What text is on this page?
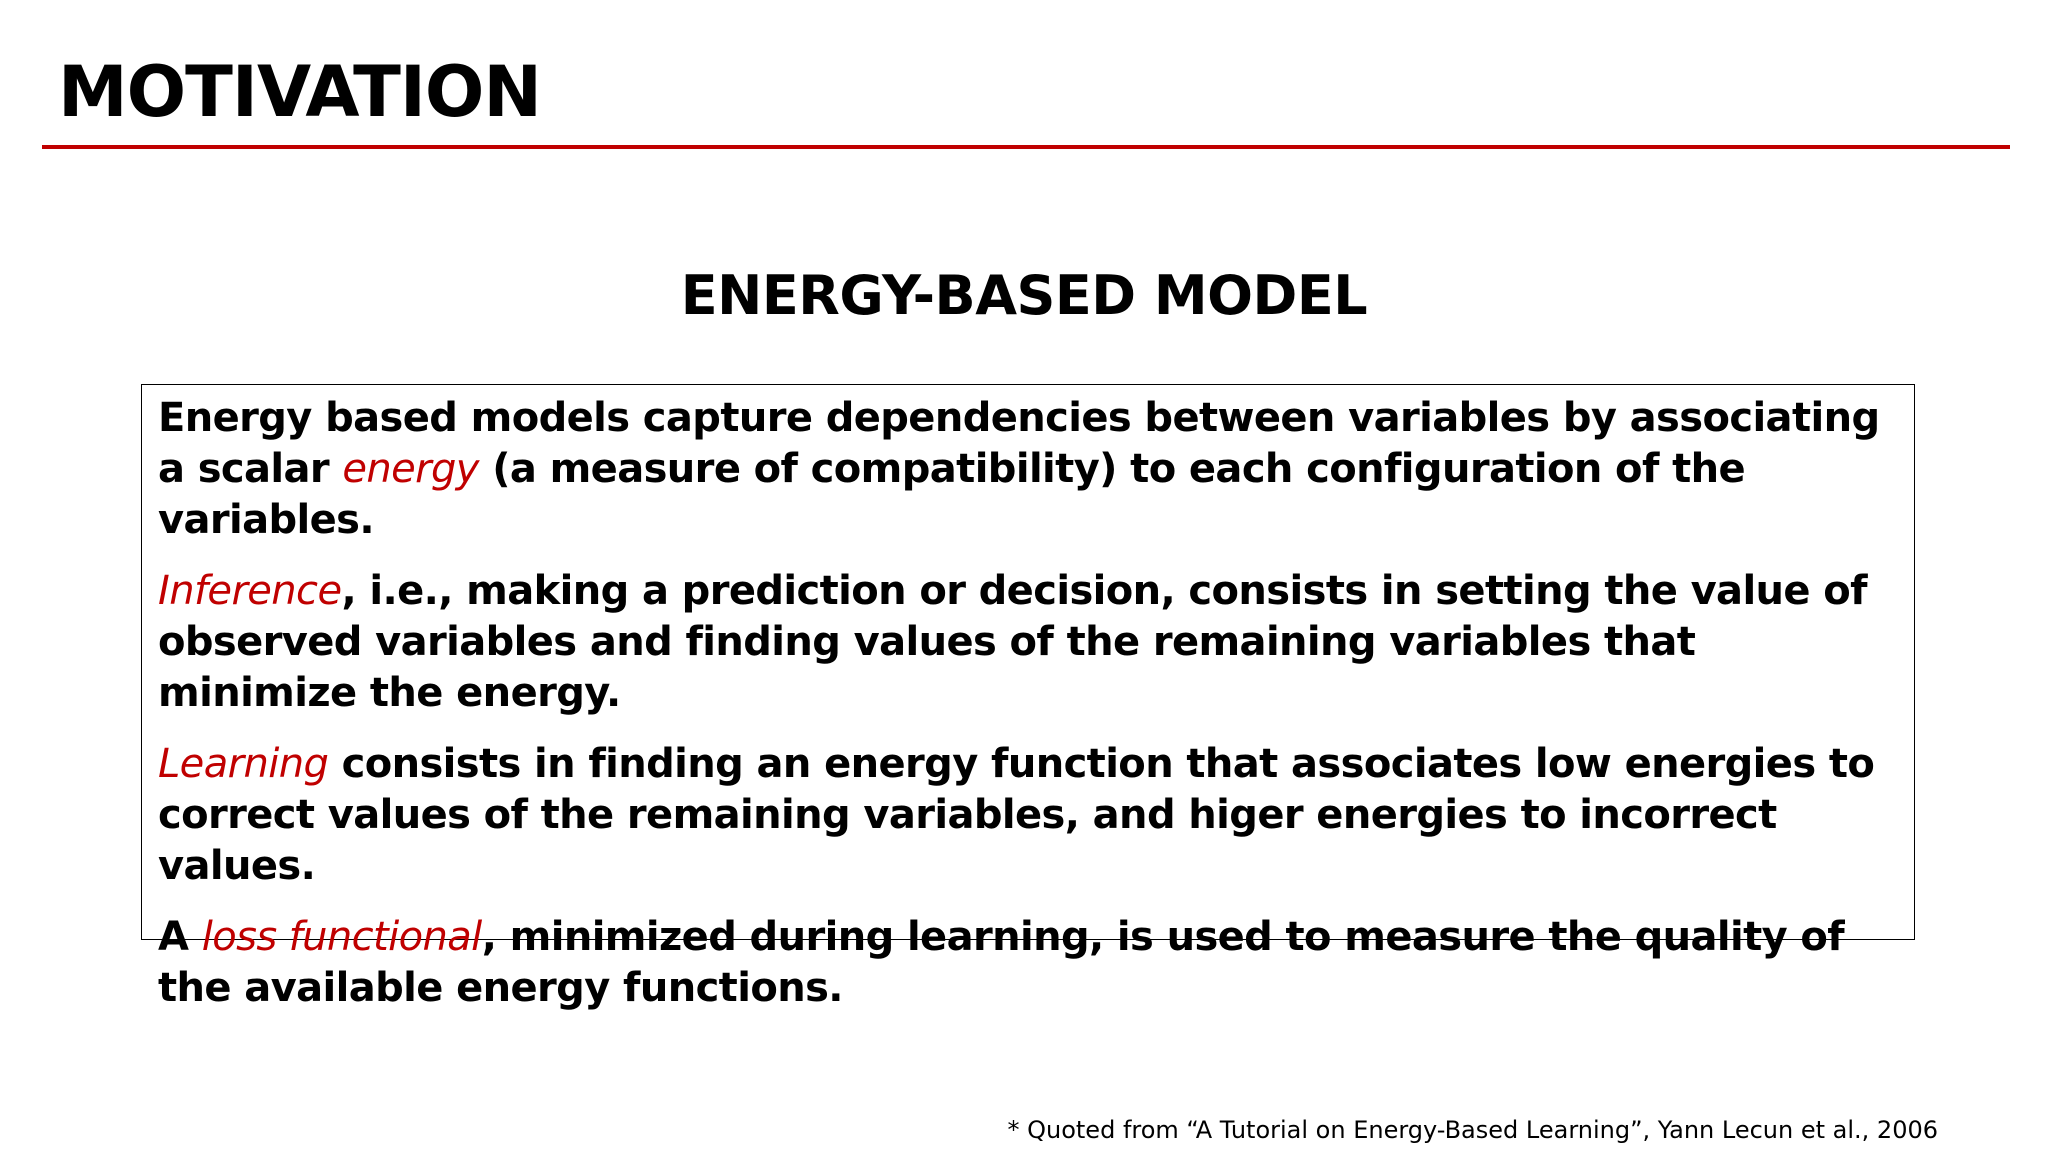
MOTIVATION
ENERGY-BASED MODEL

Energy based models capture dependencies between variables by associating a scalar energy (a measure of compatibility) to each configuration of the variables.

Inference, i.e., making a prediction or decision, consists in setting the value of observed variables and finding values of the remaining variables that minimize the energy.

Learning consists in finding an energy function that associates low energies to correct values of the remaining variables, and higer energies to incorrect values.

A loss functional, minimized during learning, is used to measure the quality of the available energy functions.

* Quoted from “A Tutorial on Energy-Based Learning”, Yann Lecun et al., 2006
